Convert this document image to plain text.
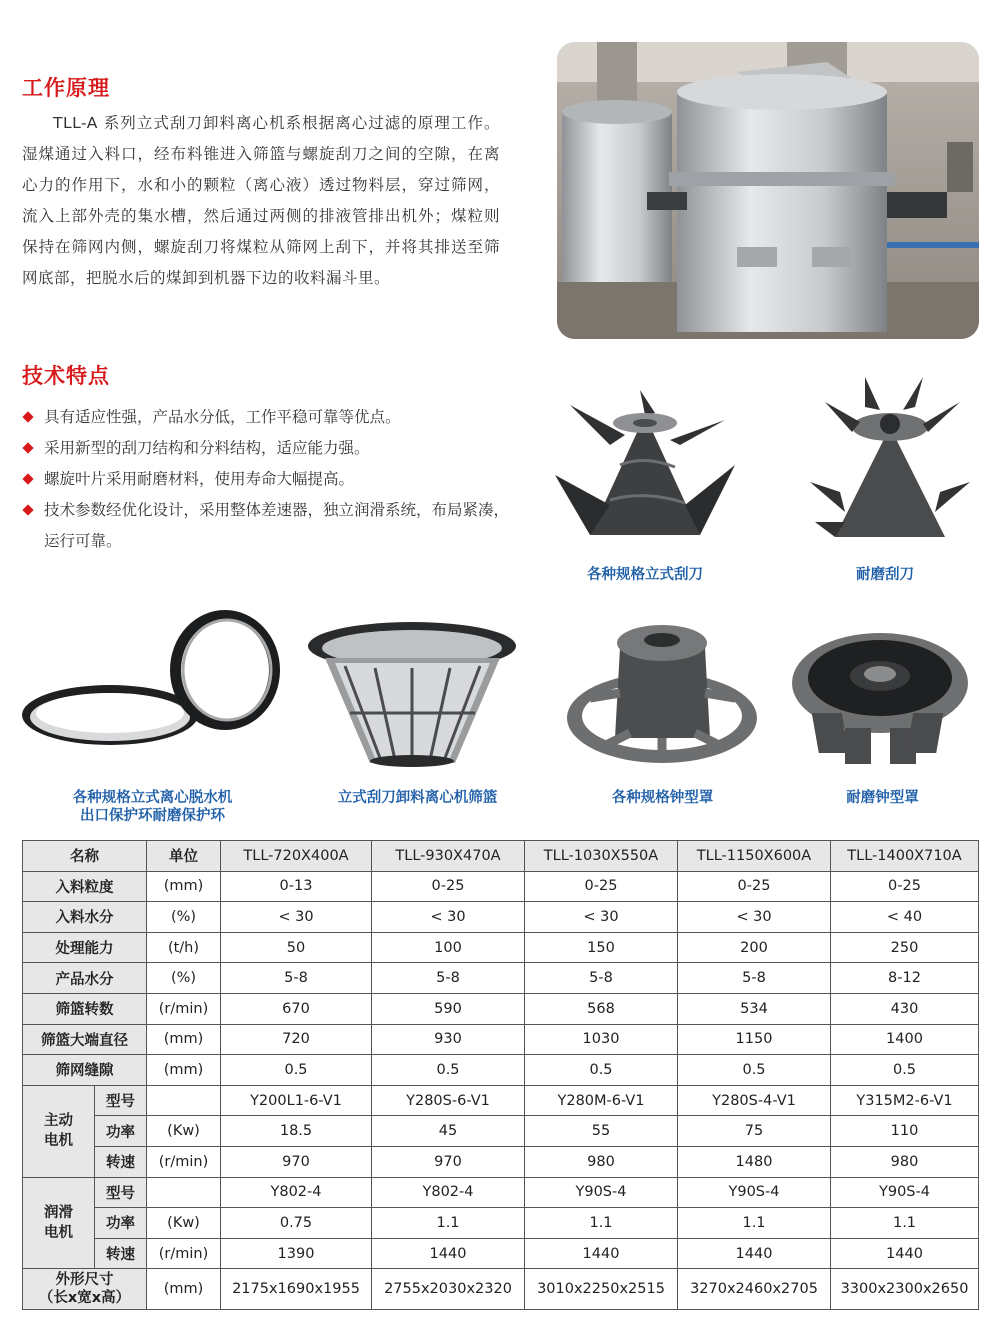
工作原理
TLL-A 系列立式刮刀卸料离心机系根据离心过滤的原理工作。湿煤通过入料口，经布料锥进入筛篮与螺旋刮刀之间的空隙，在离心力的作用下，水和小的颗粒（离心液）透过物料层，穿过筛网，流入上部外壳的集水槽，然后通过两侧的排液管排出机外；煤粒则保持在筛网内侧，螺旋刮刀将煤粒从筛网上刮下，并将其排送至筛网底部，把脱水后的煤卸到机器下边的收料漏斗里。
技术特点
具有适应性强，产品水分低，工作平稳可靠等优点。
采用新型的刮刀结构和分料结构，适应能力强。
螺旋叶片采用耐磨材料，使用寿命大幅提高。
技术参数经优化设计，采用整体差速器，独立润滑系统，布局紧凑，运行可靠。
各种规格立式刮刀	耐磨刮刀
各种规格立式离心脱水机
出口保护环耐磨保护环
立式刮刀卸料离心机筛篮	各种规格钟型罩	耐磨钟型罩
名称		单位	TLL-720X400A	TLL-930X470A	TLL-1030X550A	TLL-1150X600A	TLL-1400X710A
入料粒度		(mm)	0-13	0-25	0-25	0-25	0-25
入料水分		(%)	< 30	< 30	< 30	< 30	< 40
处理能力		(t/h)	50	100	150	200	250
产品水分		(%)	5-8	5-8	5-8	5-8	8-12
筛篮转数		(r/min)	670	590	568	534	430
筛篮大端直径		(mm)	720	930	1030	1150	1400
筛网缝隙		(mm)	0.5	0.5	0.5	0.5	0.5
主动电机	型号		Y200L1-6-V1	Y280S-6-V1	Y280M-6-V1	Y280S-4-V1	Y315M2-6-V1
	功率	(Kw)	18.5	45	55	75	110
	转速	(r/min)	970	970	980	1480	980
润滑电机	型号		Y802-4	Y802-4	Y90S-4	Y90S-4	Y90S-4
	功率	(Kw)	0.75	1.1	1.1	1.1	1.1
	转速	(r/min)	1390	1440	1440	1440	1440

外形尺寸
（长x宽x高）		(mm)	2175x1690x1955	2755x2030x2320	3010x2250x2515	3270x2460x2705	3300x2300x2650
